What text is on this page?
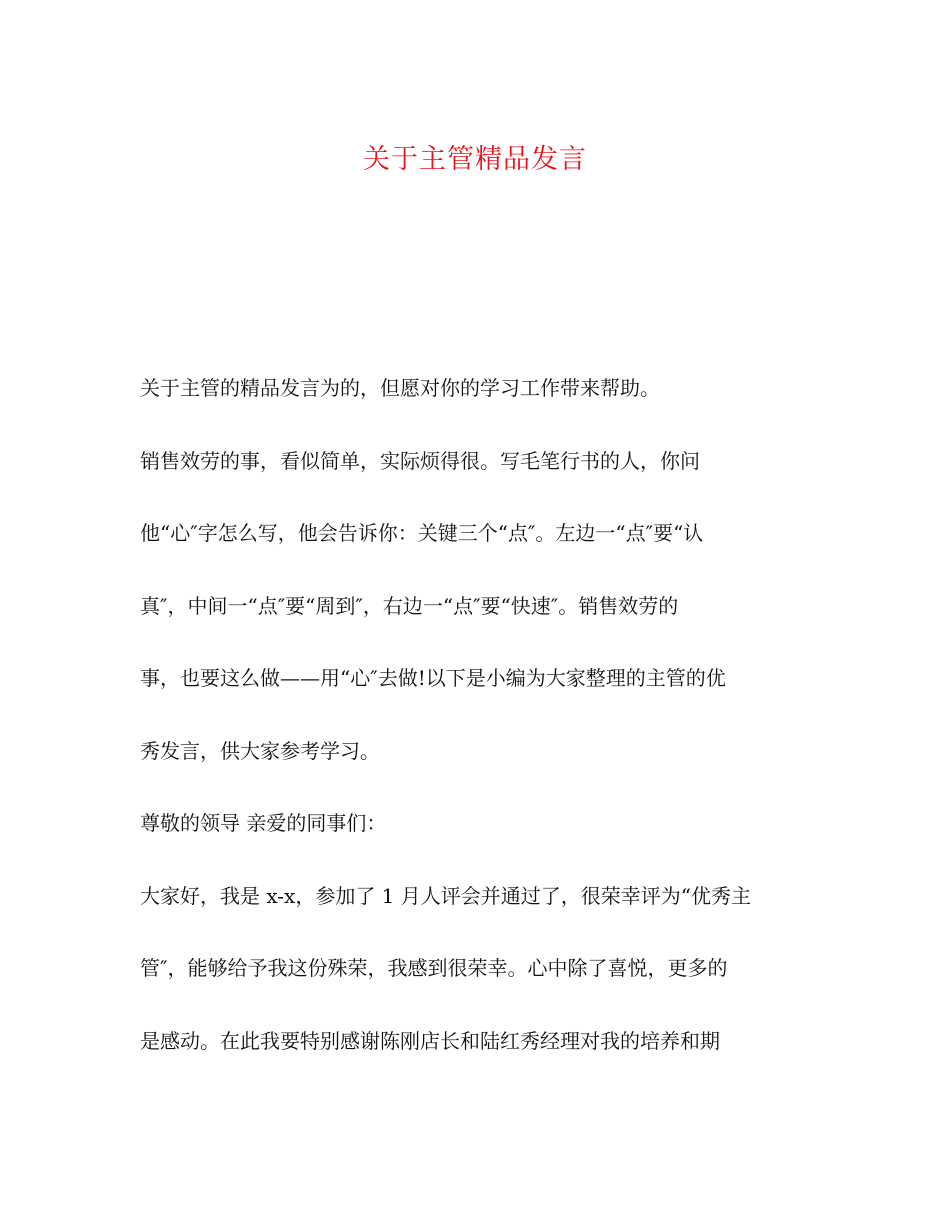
关于主管精品发言
关于主管的精品发言为的，但愿对你的学习工作带来帮助。
销售效劳的事，看似简单，实际烦得很。写毛笔行书的人，你问
他“心″字怎么写，他会告诉你：关键三个“点″。左边一“点″要“认
真″，中间一“点″要“周到″，右边一“点″要“快速″。销售效劳的
事，也要这么做——用“心″去做!以下是小编为大家整理的主管的优
秀发言，供大家参考学习。
尊敬的领导 亲爱的同事们：
大家好，我是 x-x，参加了 1 月人评会并通过了，很荣幸评为“优秀主
管″，能够给予我这份殊荣，我感到很荣幸。心中除了喜悦，更多的
是感动。在此我要特别感谢陈刚店长和陆红秀经理对我的培养和期
